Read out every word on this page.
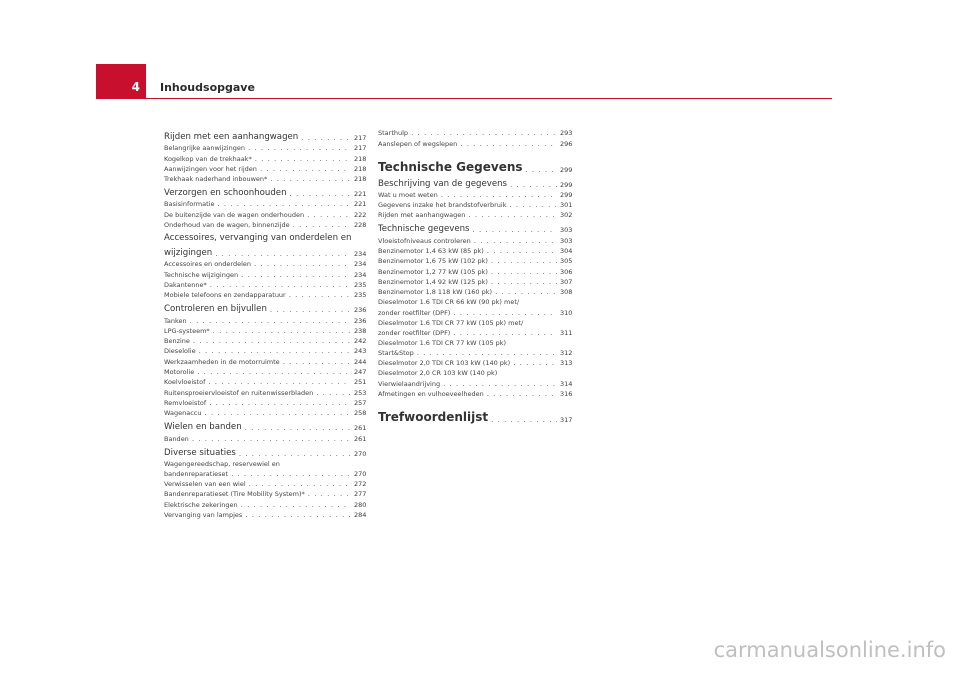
4	Inhoudsopgave
Rijden met een aanhangwagen . . .	217
Belangrijke aanwijzingen . . .	217
Kogelkop van de trekhaak* . . .	218
Aanwijzingen voor het rijden . . .	218
Trekhaak naderhand inbouwen* . . .	218
Verzorgen en schoonhouden . . .	221
Basisinformatie . . .	221
De buitenzijde van de wagen onderhouden . . .	222
Onderhoud van de wagen, binnenzijde . . .	228
Accessoires, vervanging van onderdelen en
wijzigingen . . .	234
Accessoires en onderdelen . . .	234
Technische wijzigingen . . .	234
Dakantenne* . . .	235
Mobiele telefoons en zendapparatuur . . .	235
Controleren en bijvullen . . .	236
Tanken . . .	236
LPG-systeem* . . .	238
Benzine . . .	242
Dieselolie . . .	243
Werkzaamheden in de motorruimte . . .	244
Motorolie . . .	247
Koelvloeistof . . .	251
Ruitensproeiervloeistof en ruitenwisserbladen . . .	253
Remvloeistof . . .	257
Wagenaccu . . .	258
Wielen en banden . . .	261
Banden . . .	261
Diverse situaties . . .	270
Wagengereedschap, reservewiel en
bandenreparatieset . . .	270
Verwisselen van een wiel . . .	272
Bandenreparatieset (Tire Mobility System)* . . .	277
Elektrische zekeringen . . .	280
Vervanging van lampjes . . .	284
Starthulp . . .	293
Aanslepen of wegslepen . . .	296
Technische Gegevens . . .	299
Beschrijving van de gegevens . . .	299
Wat u moet weten . . .	299
Gegevens inzake het brandstofverbruik . . .	301
Rijden met aanhangwagen . . .	302
Technische gegevens . . .	303
Vloeistofniveaus controleren . . .	303
Benzinemotor 1,4 63 kW (85 pk) . . .	304
Benzinemotor 1,6 75 kW (102 pk) . . .	305
Benzinemotor 1,2 77 kW (105 pk) . . .	306
Benzinemotor 1,4 92 kW (125 pk) . . .	307
Benzinemotor 1,8 118 kW (160 pk) . . .	308
Dieselmotor 1.6 TDI CR 66 kW (90 pk) met/
zonder roetfilter (DPF) . . .	310
Dieselmotor 1.6 TDI CR 77 kW (105 pk) met/
zonder roetfilter (DPF) . . .	311
Dieselmotor 1.6 TDI CR 77 kW (105 pk)
Start&Stop . . .	312
Dieselmotor 2,0 TDI CR 103 kW (140 pk) . . .	313
Dieselmotor 2,0 CR 103 kW (140 pk)
Vierwielaandrijving . . .	314
Afmetingen en vulhoeveelheden . . .	316
Trefwoordenlijst . . .	317
carmanualsonline.info
